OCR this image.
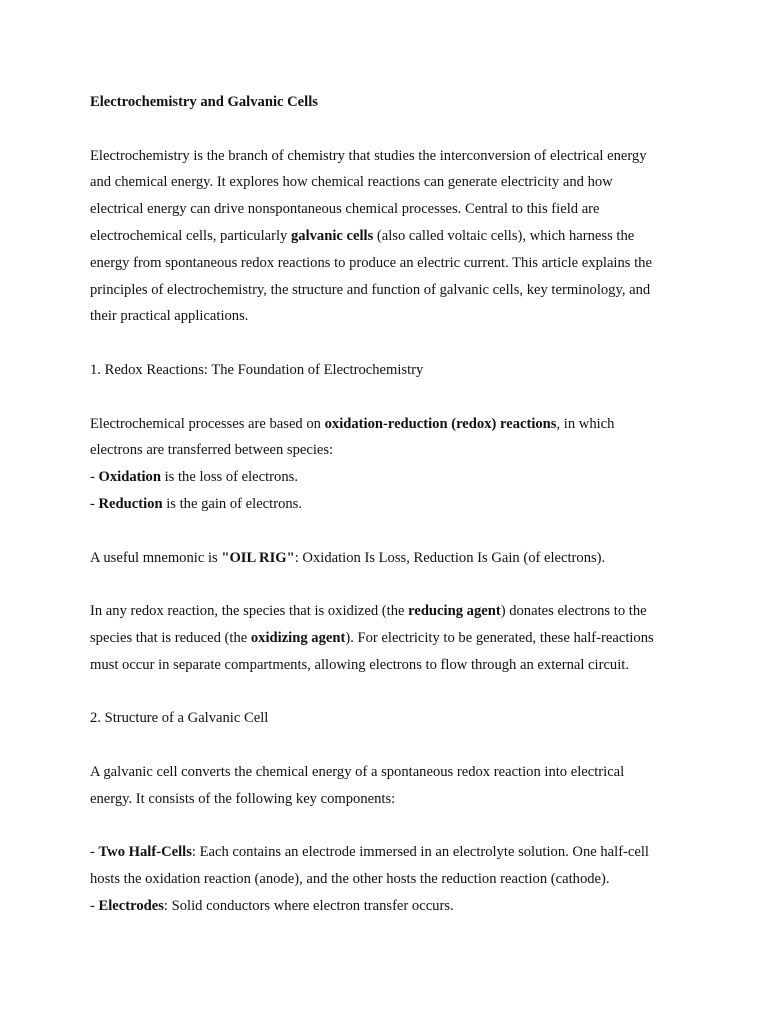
Electrochemistry and Galvanic Cells
Electrochemistry is the branch of chemistry that studies the interconversion of electrical energy
and chemical energy. It explores how chemical reactions can generate electricity and how
electrical energy can drive nonspontaneous chemical processes. Central to this field are
electrochemical cells, particularly galvanic cells (also called voltaic cells), which harness the
energy from spontaneous redox reactions to produce an electric current. This article explains the
principles of electrochemistry, the structure and function of galvanic cells, key terminology, and
their practical applications.
1. Redox Reactions: The Foundation of Electrochemistry
Electrochemical processes are based on oxidation-reduction (redox) reactions, in which
electrons are transferred between species:
- Oxidation is the loss of electrons.
- Reduction is the gain of electrons.
A useful mnemonic is "OIL RIG": Oxidation Is Loss, Reduction Is Gain (of electrons).
In any redox reaction, the species that is oxidized (the reducing agent) donates electrons to the
species that is reduced (the oxidizing agent). For electricity to be generated, these half-reactions
must occur in separate compartments, allowing electrons to flow through an external circuit.
2. Structure of a Galvanic Cell
A galvanic cell converts the chemical energy of a spontaneous redox reaction into electrical
energy. It consists of the following key components:
- Two Half-Cells: Each contains an electrode immersed in an electrolyte solution. One half-cell
hosts the oxidation reaction (anode), and the other hosts the reduction reaction (cathode).
- Electrodes: Solid conductors where electron transfer occurs.
